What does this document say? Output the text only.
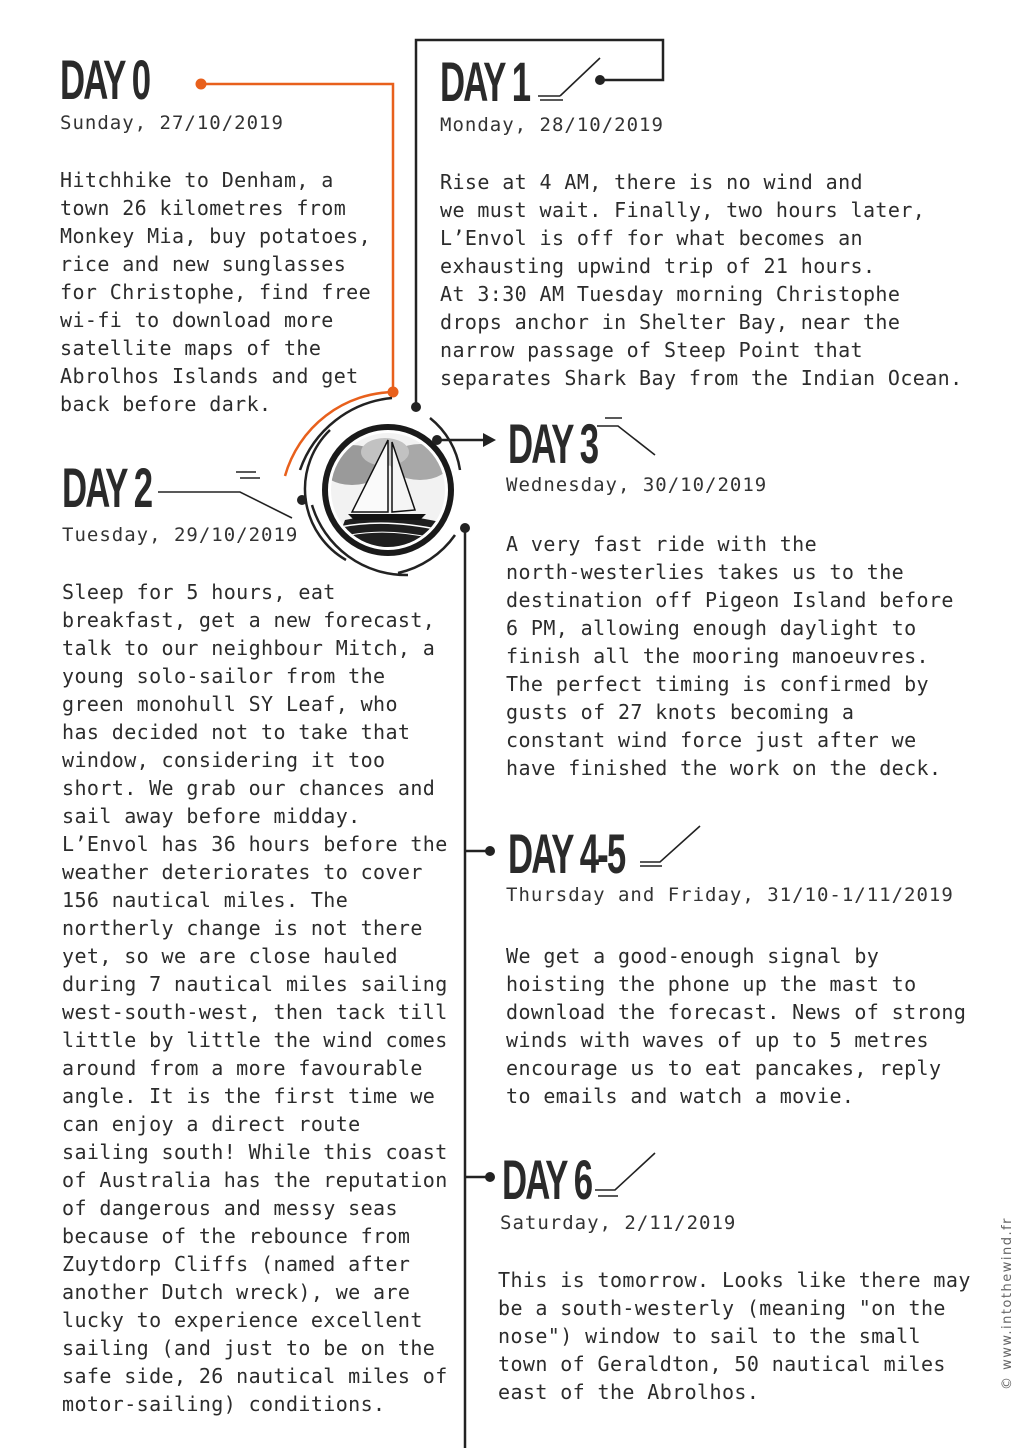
DAY 0

Sunday, 27/10/2019

Hitchhike to Denham, a
town 26 kilometres from
Monkey Mia, buy potatoes,
rice and new sunglasses
for Christophe, find free
wi-fi to download more
satellite maps of the
Abrolhos Islands and get
back before dark.

DAY 1

Monday, 28/10/2019

Rise at 4 AM, there is no wind and
we must wait. Finally, two hours later,
L’Envol is off for what becomes an
exhausting upwind trip of 21 hours.
At 3:30 AM Tuesday morning Christophe
drops anchor in Shelter Bay, near the
narrow passage of Steep Point that
separates Shark Bay from the Indian Ocean.

DAY 2

Tuesday, 29/10/2019

Sleep for 5 hours, eat
breakfast, get a new forecast,
talk to our neighbour Mitch, a
young solo-sailor from the
green monohull SY Leaf, who
has decided not to take that
window, considering it too
short. We grab our chances and
sail away before midday.
L’Envol has 36 hours before the
weather deteriorates to cover
156 nautical miles. The
northerly change is not there
yet, so we are close hauled
during 7 nautical miles sailing
west-south-west, then tack till
little by little the wind comes
around from a more favourable
angle. It is the first time we
can enjoy a direct route
sailing south! While this coast
of Australia has the reputation
of dangerous and messy seas
because of the rebounce from
Zuytdorp Cliffs (named after
another Dutch wreck), we are
lucky to experience excellent
sailing (and just to be on the
safe side, 26 nautical miles of
motor-sailing) conditions.

DAY 3

Wednesday, 30/10/2019

A very fast ride with the
north-westerlies takes us to the
destination off Pigeon Island before
6 PM, allowing enough daylight to
finish all the mooring manoeuvres.
The perfect timing is confirmed by
gusts of 27 knots becoming a
constant wind force just after we
have finished the work on the deck.

DAY 4-5

Thursday and Friday, 31/10-1/11/2019

We get a good-enough signal by
hoisting the phone up the mast to
download the forecast. News of strong
winds with waves of up to 5 metres
encourage us to eat pancakes, reply
to emails and watch a movie.

DAY 6

Saturday, 2/11/2019

This is tomorrow. Looks like there may
be a south-westerly (meaning "on the
nose") window to sail to the small
town of Geraldton, 50 nautical miles
east of the Abrolhos.

© www.intothewind.fr
